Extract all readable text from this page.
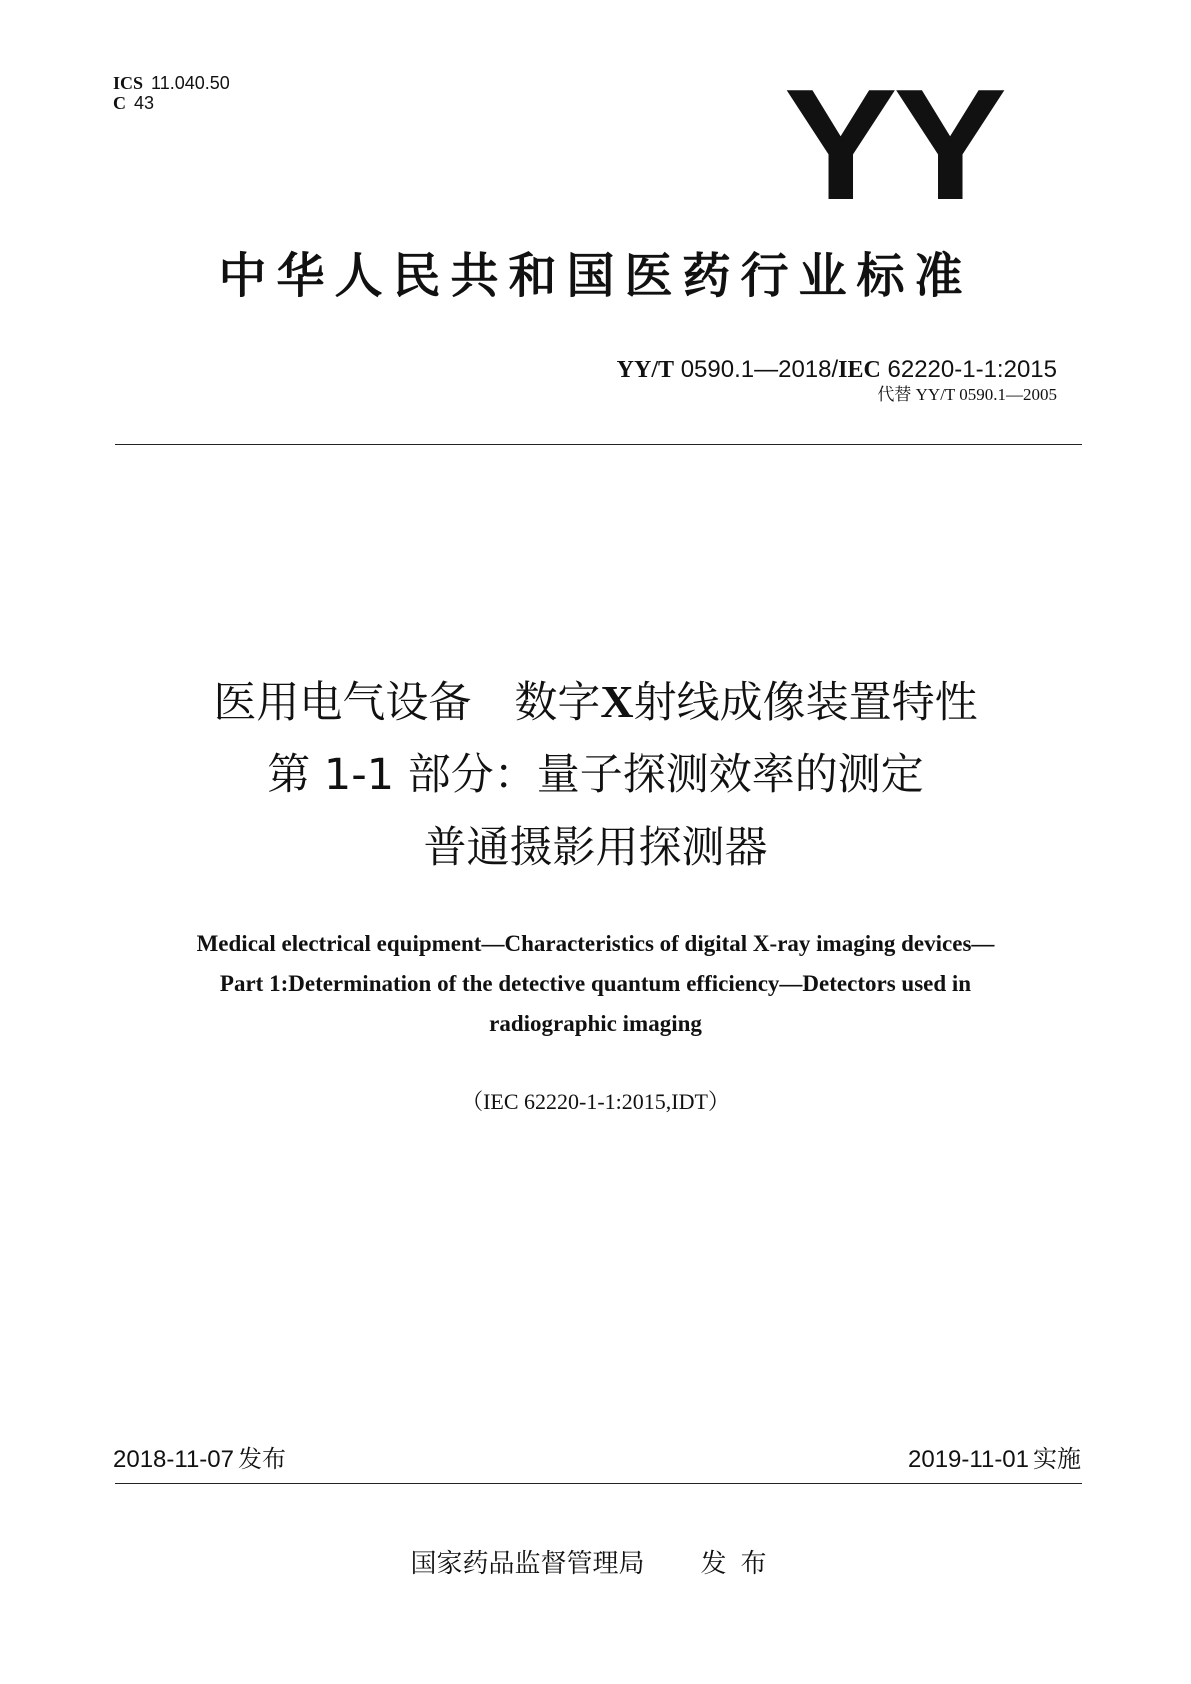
ICS 11.040.50
C 43	YY
中华人民共和国医药行业标准
YY/T 0590.1—2018/IEC 62220-1-1:2015
代替 YY/T 0590.1—2005
医用电气设备　数字X射线成像装置特性
第 1-1 部分：量子探测效率的测定
普通摄影用探测器
Medical electrical equipment—Characteristics of digital X-ray imaging devices—
Part 1:Determination of the detective quantum efficiency—Detectors used in
radiographic imaging
（IEC 62220-1-1:2015,IDT）
2018-11-07 发布	2019-11-01 实施
国家药品监督管理局 发布
